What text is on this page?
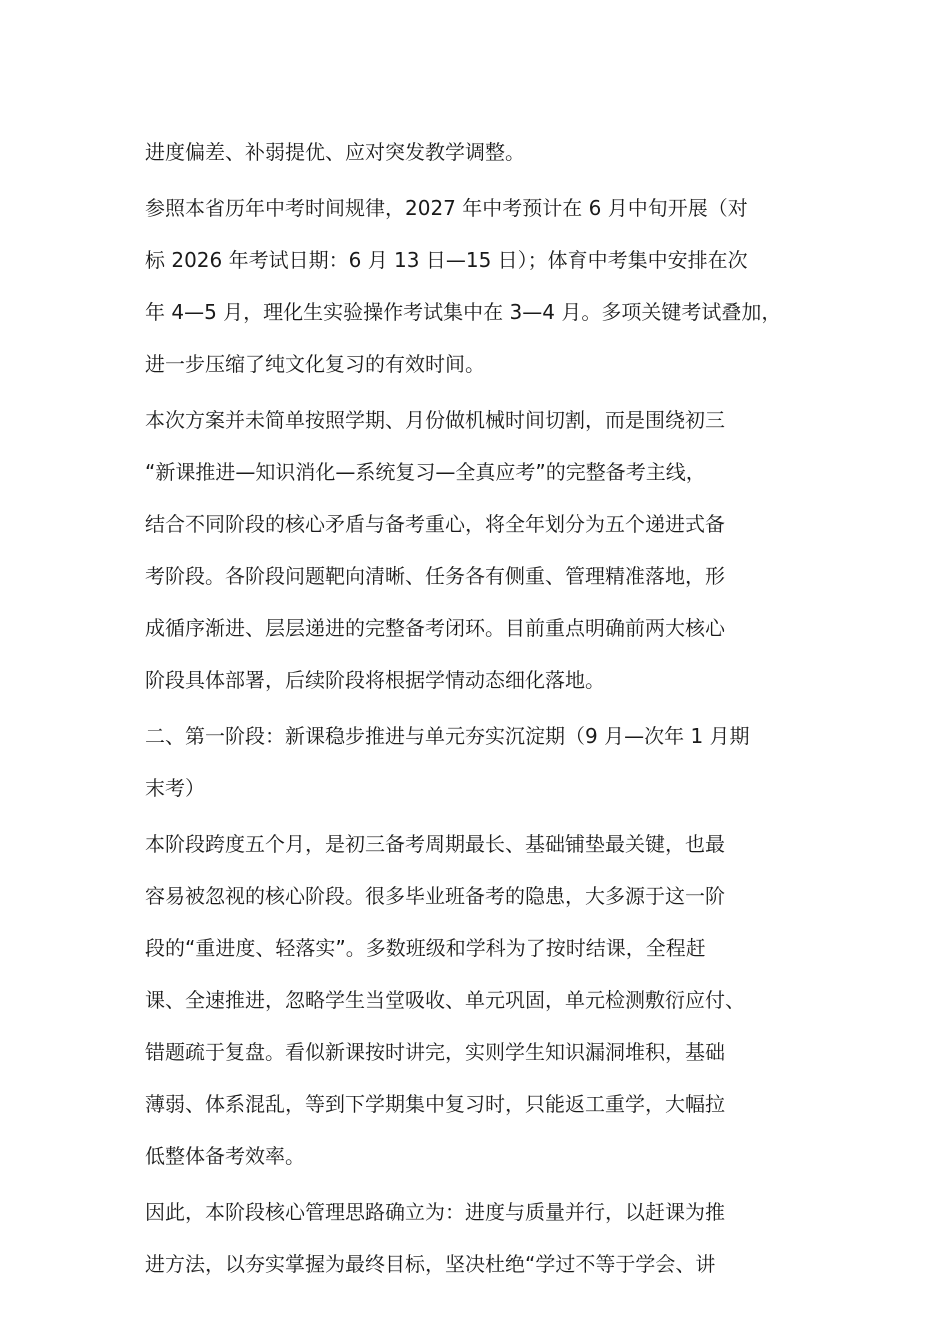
进度偏差、补弱提优、应对突发教学调整。
参照本省历年中考时间规律，2027 年中考预计在 6 月中旬开展（对
标 2026 年考试日期：6 月 13 日—15 日）；体育中考集中安排在次
年 4—5 月，理化生实验操作考试集中在 3—4 月。多项关键考试叠加，
进一步压缩了纯文化复习的有效时间。
本次方案并未简单按照学期、月份做机械时间切割，而是围绕初三
“新课推进—知识消化—系统复习—全真应考”的完整备考主线，
结合不同阶段的核心矛盾与备考重心，将全年划分为五个递进式备
考阶段。各阶段问题靶向清晰、任务各有侧重、管理精准落地，形
成循序渐进、层层递进的完整备考闭环。目前重点明确前两大核心
阶段具体部署，后续阶段将根据学情动态细化落地。
二、第一阶段：新课稳步推进与单元夯实沉淀期（9 月—次年 1 月期
末考）
本阶段跨度五个月，是初三备考周期最长、基础铺垫最关键，也最
容易被忽视的核心阶段。很多毕业班备考的隐患，大多源于这一阶
段的“重进度、轻落实”。多数班级和学科为了按时结课，全程赶
课、全速推进，忽略学生当堂吸收、单元巩固，单元检测敷衍应付、
错题疏于复盘。看似新课按时讲完，实则学生知识漏洞堆积，基础
薄弱、体系混乱，等到下学期集中复习时，只能返工重学，大幅拉
低整体备考效率。
因此，本阶段核心管理思路确立为：进度与质量并行，以赶课为推
进方法，以夯实掌握为最终目标，坚决杜绝“学过不等于学会、讲
